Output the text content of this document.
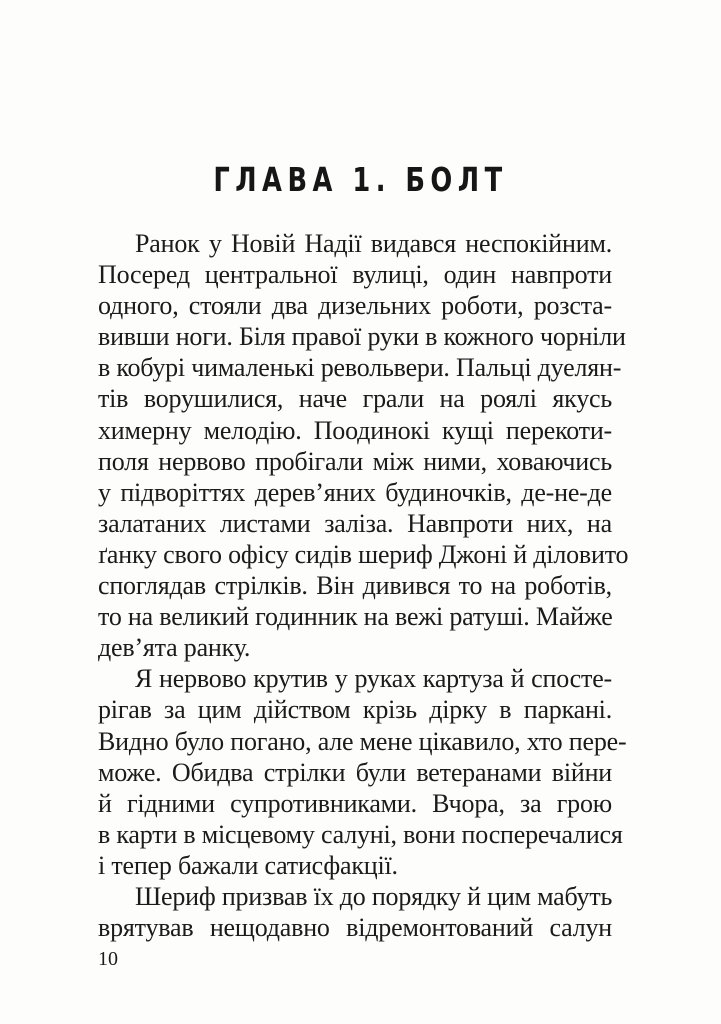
ГЛАВА 1. БОЛТ
Ранок у Новій Надії видався неспокійним.
Посеред центральної вулиці, один навпроти
одного, стояли два дизельних роботи, розста-
вивши ноги. Біля правої руки в кожного чорніли
в кобурі чималенькі револьвери. Пальці дуелян-
тів ворушилися, наче грали на роялі якусь
химерну мелодію. Поодинокі кущі перекоти-
поля нервово пробігали між ними, ховаючись
у підворіттях дерев’яних будиночків, де-не-де
залатаних листами заліза. Навпроти них, на
ґанку свого офісу сидів шериф Джоні й діловито
споглядав стрілків. Він дивився то на роботів,
то на великий годинник на вежі ратуші. Майже
дев’ята ранку.
Я нервово крутив у руках картуза й спосте-
рігав за цим дійством крізь дірку в паркані.
Видно було погано, але мене цікавило, хто пере-
може. Обидва стрілки були ветеранами війни
й гідними супротивниками. Вчора, за грою
в карти в місцевому салуні, вони посперечалися
і тепер бажали сатисфакції.
Шериф призвав їх до порядку й цим мабуть
врятував нещодавно відремонтований салун
10
